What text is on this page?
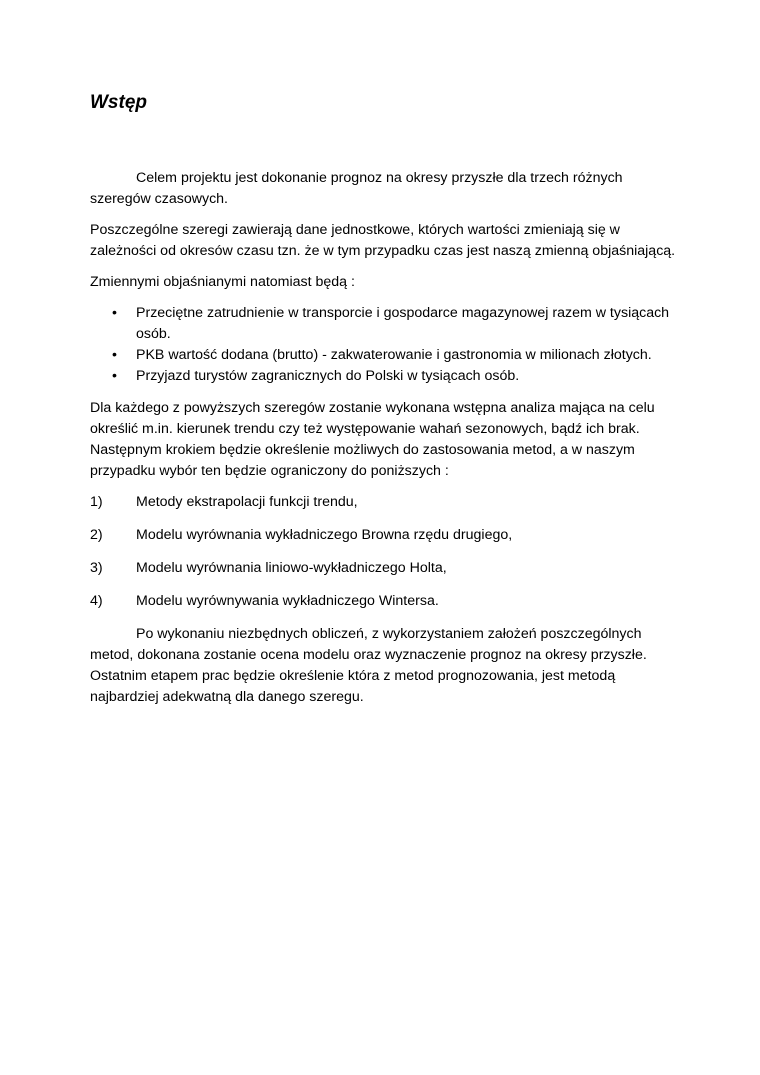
Wstęp

Celem projektu jest dokonanie prognoz na okresy przyszłe dla trzech różnych szeregów czasowych.

Poszczególne szeregi zawierają dane jednostkowe, których wartości zmieniają się w zależności od okresów czasu tzn. że w tym przypadku czas jest naszą zmienną objaśniającą.

Zmiennymi objaśnianymi natomiast będą :

• Przeciętne zatrudnienie w transporcie i gospodarce magazynowej razem w tysiącach osób.
• PKB wartość dodana (brutto) - zakwaterowanie i gastronomia w milionach złotych.
• Przyjazd turystów zagranicznych do Polski w tysiącach osób.

Dla każdego z powyższych szeregów zostanie wykonana wstępna analiza mająca na celu określić m.in. kierunek trendu czy też występowanie wahań sezonowych, bądź ich brak. Następnym krokiem będzie określenie możliwych do zastosowania metod, a w naszym przypadku wybór ten będzie ograniczony do poniższych :

1) Metody ekstrapolacji funkcji trendu,
2) Modelu wyrównania wykładniczego Browna rzędu drugiego,
3) Modelu wyrównania liniowo-wykładniczego Holta,
4) Modelu wyrównywania wykładniczego Wintersa.

Po wykonaniu niezbędnych obliczeń, z wykorzystaniem założeń poszczególnych metod, dokonana zostanie ocena modelu oraz wyznaczenie prognoz na okresy przyszłe. Ostatnim etapem prac będzie określenie która z metod prognozowania, jest metodą najbardziej adekwatną dla danego szeregu.
